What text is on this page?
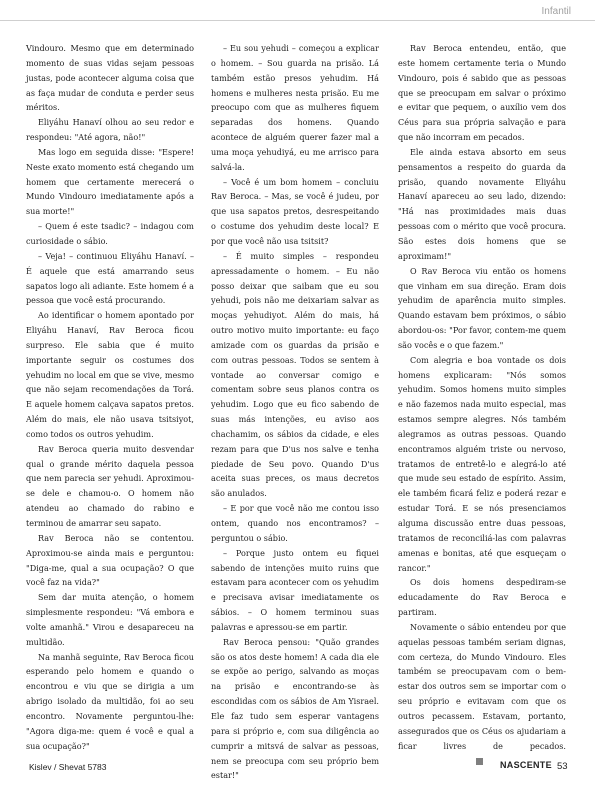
Infantil

Vindouro. Mesmo que em determinado momento de suas vidas sejam pessoas justas, pode acontecer alguma coisa que as faça mudar de conduta e perder seus méritos.

Eliyáhu Hanaví olhou ao seu redor e respondeu: "Até agora, não!"

Mas logo em seguida disse: "Espere! Neste exato momento está chegando um homem que certamente merecerá o Mundo Vindouro imediatamente após a sua morte!"

– Quem é este tsadic? – indagou com curiosidade o sábio.

– Veja! – continuou Eliyáhu Hanaví. – É aquele que está amarrando seus sapatos logo ali adiante. Este homem é a pessoa que você está procurando.

Ao identificar o homem apontado por Eliyáhu Hanaví, Rav Beroca ficou surpreso. Ele sabia que é muito importante seguir os costumes dos yehudim no local em que se vive, mesmo que não sejam recomendações da Torá. E aquele homem calçava sapatos pretos. Além do mais, ele não usava tsitsiyot, como todos os outros yehudim.

Rav Beroca queria muito desvendar qual o grande mérito daquela pessoa que nem parecia ser yehudi. Aproximou-se dele e chamou-o. O homem não atendeu ao chamado do rabino e terminou de amarrar seu sapato.

Rav Beroca não se contentou. Aproximou-se ainda mais e perguntou: "Diga-me, qual a sua ocupação? O que você faz na vida?"

Sem dar muita atenção, o homem simplesmente respondeu: "Vá embora e volte amanhã." Virou e desapareceu na multidão.

Na manhã seguinte, Rav Beroca ficou esperando pelo homem e quando o encontrou e viu que se dirigia a um abrigo isolado da multidão, foi ao seu encontro. Novamente perguntou-lhe: "Agora diga-me: quem é você e qual a sua ocupação?"

– Eu sou yehudi – começou a explicar o homem. – Sou guarda na prisão. Lá também estão presos yehudim. Há homens e mulheres nesta prisão. Eu me preocupo com que as mulheres fiquem separadas dos homens. Quando acontece de alguém querer fazer mal a uma moça yehudiyá, eu me arrisco para salvá-la.

– Você é um bom homem – concluiu Rav Beroca. – Mas, se você é judeu, por que usa sapatos pretos, desrespeitando o costume dos yehudim deste local? E por que você não usa tsitsit?

– É muito simples – respondeu apressadamente o homem. – Eu não posso deixar que saibam que eu sou yehudi, pois não me deixariam salvar as moças yehudiyot. Além do mais, há outro motivo muito importante: eu faço amizade com os guardas da prisão e com outras pessoas. Todos se sentem à vontade ao conversar comigo e comentam sobre seus planos contra os yehudim. Logo que eu fico sabendo de suas más intenções, eu aviso aos chachamim, os sábios da cidade, e eles rezam para que D'us nos salve e tenha piedade de Seu povo. Quando D'us aceita suas preces, os maus decretos são anulados.

– E por que você não me contou isso ontem, quando nos encontramos? – perguntou o sábio.

– Porque justo ontem eu fiquei sabendo de intenções muito ruins que estavam para acontecer com os yehudim e precisava avisar imediatamente os sábios. – O homem terminou suas palavras e apressou-se em partir.

Rav Beroca pensou: "Quão grandes são os atos deste homem! A cada dia ele se expõe ao perigo, salvando as moças na prisão e encontrando-se às escondidas com os sábios de Am Yisrael. Ele faz tudo sem esperar vantagens para si próprio e, com sua diligência ao cumprir a mitsvá de salvar as pessoas, nem se preocupa com seu próprio bem estar!"

Rav Beroca entendeu, então, que este homem certamente teria o Mundo Vindouro, pois é sabido que as pessoas que se preocupam em salvar o próximo e evitar que pequem, o auxílio vem dos Céus para sua própria salvação e para que não incorram em pecados.

Ele ainda estava absorto em seus pensamentos a respeito do guarda da prisão, quando novamente Eliyáhu Hanaví apareceu ao seu lado, dizendo: "Há nas proximidades mais duas pessoas com o mérito que você procura. São estes dois homens que se aproximam!"

O Rav Beroca viu então os homens que vinham em sua direção. Eram dois yehudim de aparência muito simples. Quando estavam bem próximos, o sábio abordou-os: "Por favor, contem-me quem são vocês e o que fazem."

Com alegria e boa vontade os dois homens explicaram: "Nós somos yehudim. Somos homens muito simples e não fazemos nada muito especial, mas estamos sempre alegres. Nós também alegramos as outras pessoas. Quando encontramos alguém triste ou nervoso, tratamos de entretê-lo e alegrá-lo até que mude seu estado de espírito. Assim, ele também ficará feliz e poderá rezar e estudar Torá. E se nós presenciamos alguma discussão entre duas pessoas, tratamos de reconciliá-las com palavras amenas e bonitas, até que esqueçam o rancor."

Os dois homens despediram-se educadamente do Rav Beroca e partiram.

Novamente o sábio entendeu por que aquelas pessoas também seriam dignas, com certeza, do Mundo Vindouro. Eles também se preocupavam com o bem-estar dos outros sem se importar com o seu próprio e evitavam com que os outros pecassem. Estavam, portanto, assegurados que os Céus os ajudariam a ficar livres de pecados.

Kislev / Shevat 5783	NASCENTE 53
